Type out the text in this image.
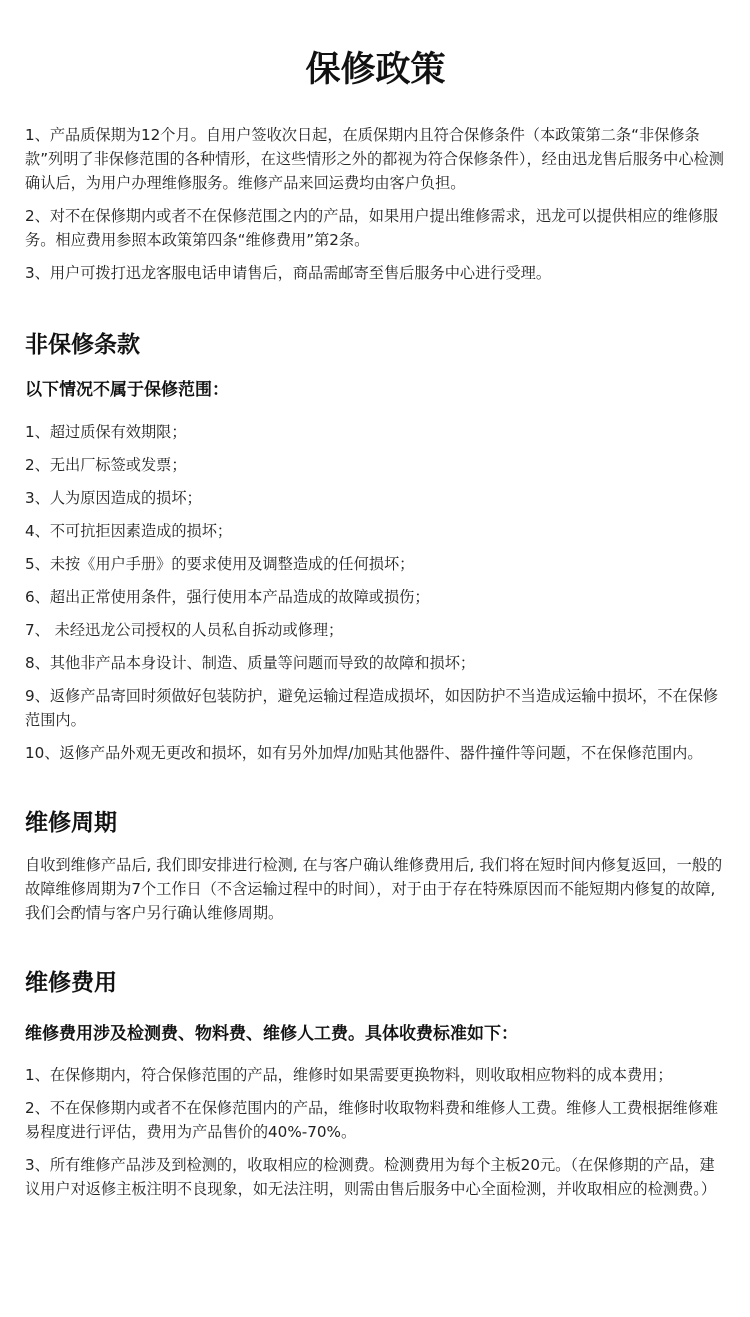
保修政策

1、产品质保期为12个月。自用户签收次日起，在质保期内且符合保修条件（本政策第二条“非保修条款”列明了非保修范围的各种情形，在这些情形之外的都视为符合保修条件），经由迅龙售后服务中心检测确认后，为用户办理维修服务。维修产品来回运费均由客户负担。

2、对不在保修期内或者不在保修范围之内的产品，如果用户提出维修需求，迅龙可以提供相应的维修服务。相应费用参照本政策第四条“维修费用”第2条。

3、用户可拨打迅龙客服电话申请售后，商品需邮寄至售后服务中心进行受理。

非保修条款
以下情况不属于保修范围：

1、超过质保有效期限；

2、无出厂标签或发票；

3、人为原因造成的损坏；

4、不可抗拒因素造成的损坏；

5、未按《用户手册》的要求使用及调整造成的任何损坏；

6、超出正常使用条件，强行使用本产品造成的故障或损伤；

7、 未经迅龙公司授权的人员私自拆动或修理；

8、其他非产品本身设计、制造、质量等问题而导致的故障和损坏；

9、返修产品寄回时须做好包装防护，避免运输过程造成损坏，如因防护不当造成运输中损坏，不在保修范围内。

10、返修产品外观无更改和损坏，如有另外加焊/加贴其他器件、器件撞件等问题，不在保修范围内。

维修周期

自收到维修产品后, 我们即安排进行检测, 在与客户确认维修费用后, 我们将在短时间内修复返回，一般的故障维修周期为7个工作日（不含运输过程中的时间），对于由于存在特殊原因而不能短期内修复的故障, 我们会酌情与客户另行确认维修周期。

维修费用
维修费用涉及检测费、物料费、维修人工费。具体收费标准如下：

1、在保修期内，符合保修范围的产品，维修时如果需要更换物料，则收取相应物料的成本费用；

2、不在保修期内或者不在保修范围内的产品，维修时收取物料费和维修人工费。维修人工费根据维修难易程度进行评估，费用为产品售价的40%-70%。

3、所有维修产品涉及到检测的，收取相应的检测费。检测费用为每个主板20元。（在保修期的产品，建议用户对返修主板注明不良现象，如无法注明，则需由售后服务中心全面检测，并收取相应的检测费。）
